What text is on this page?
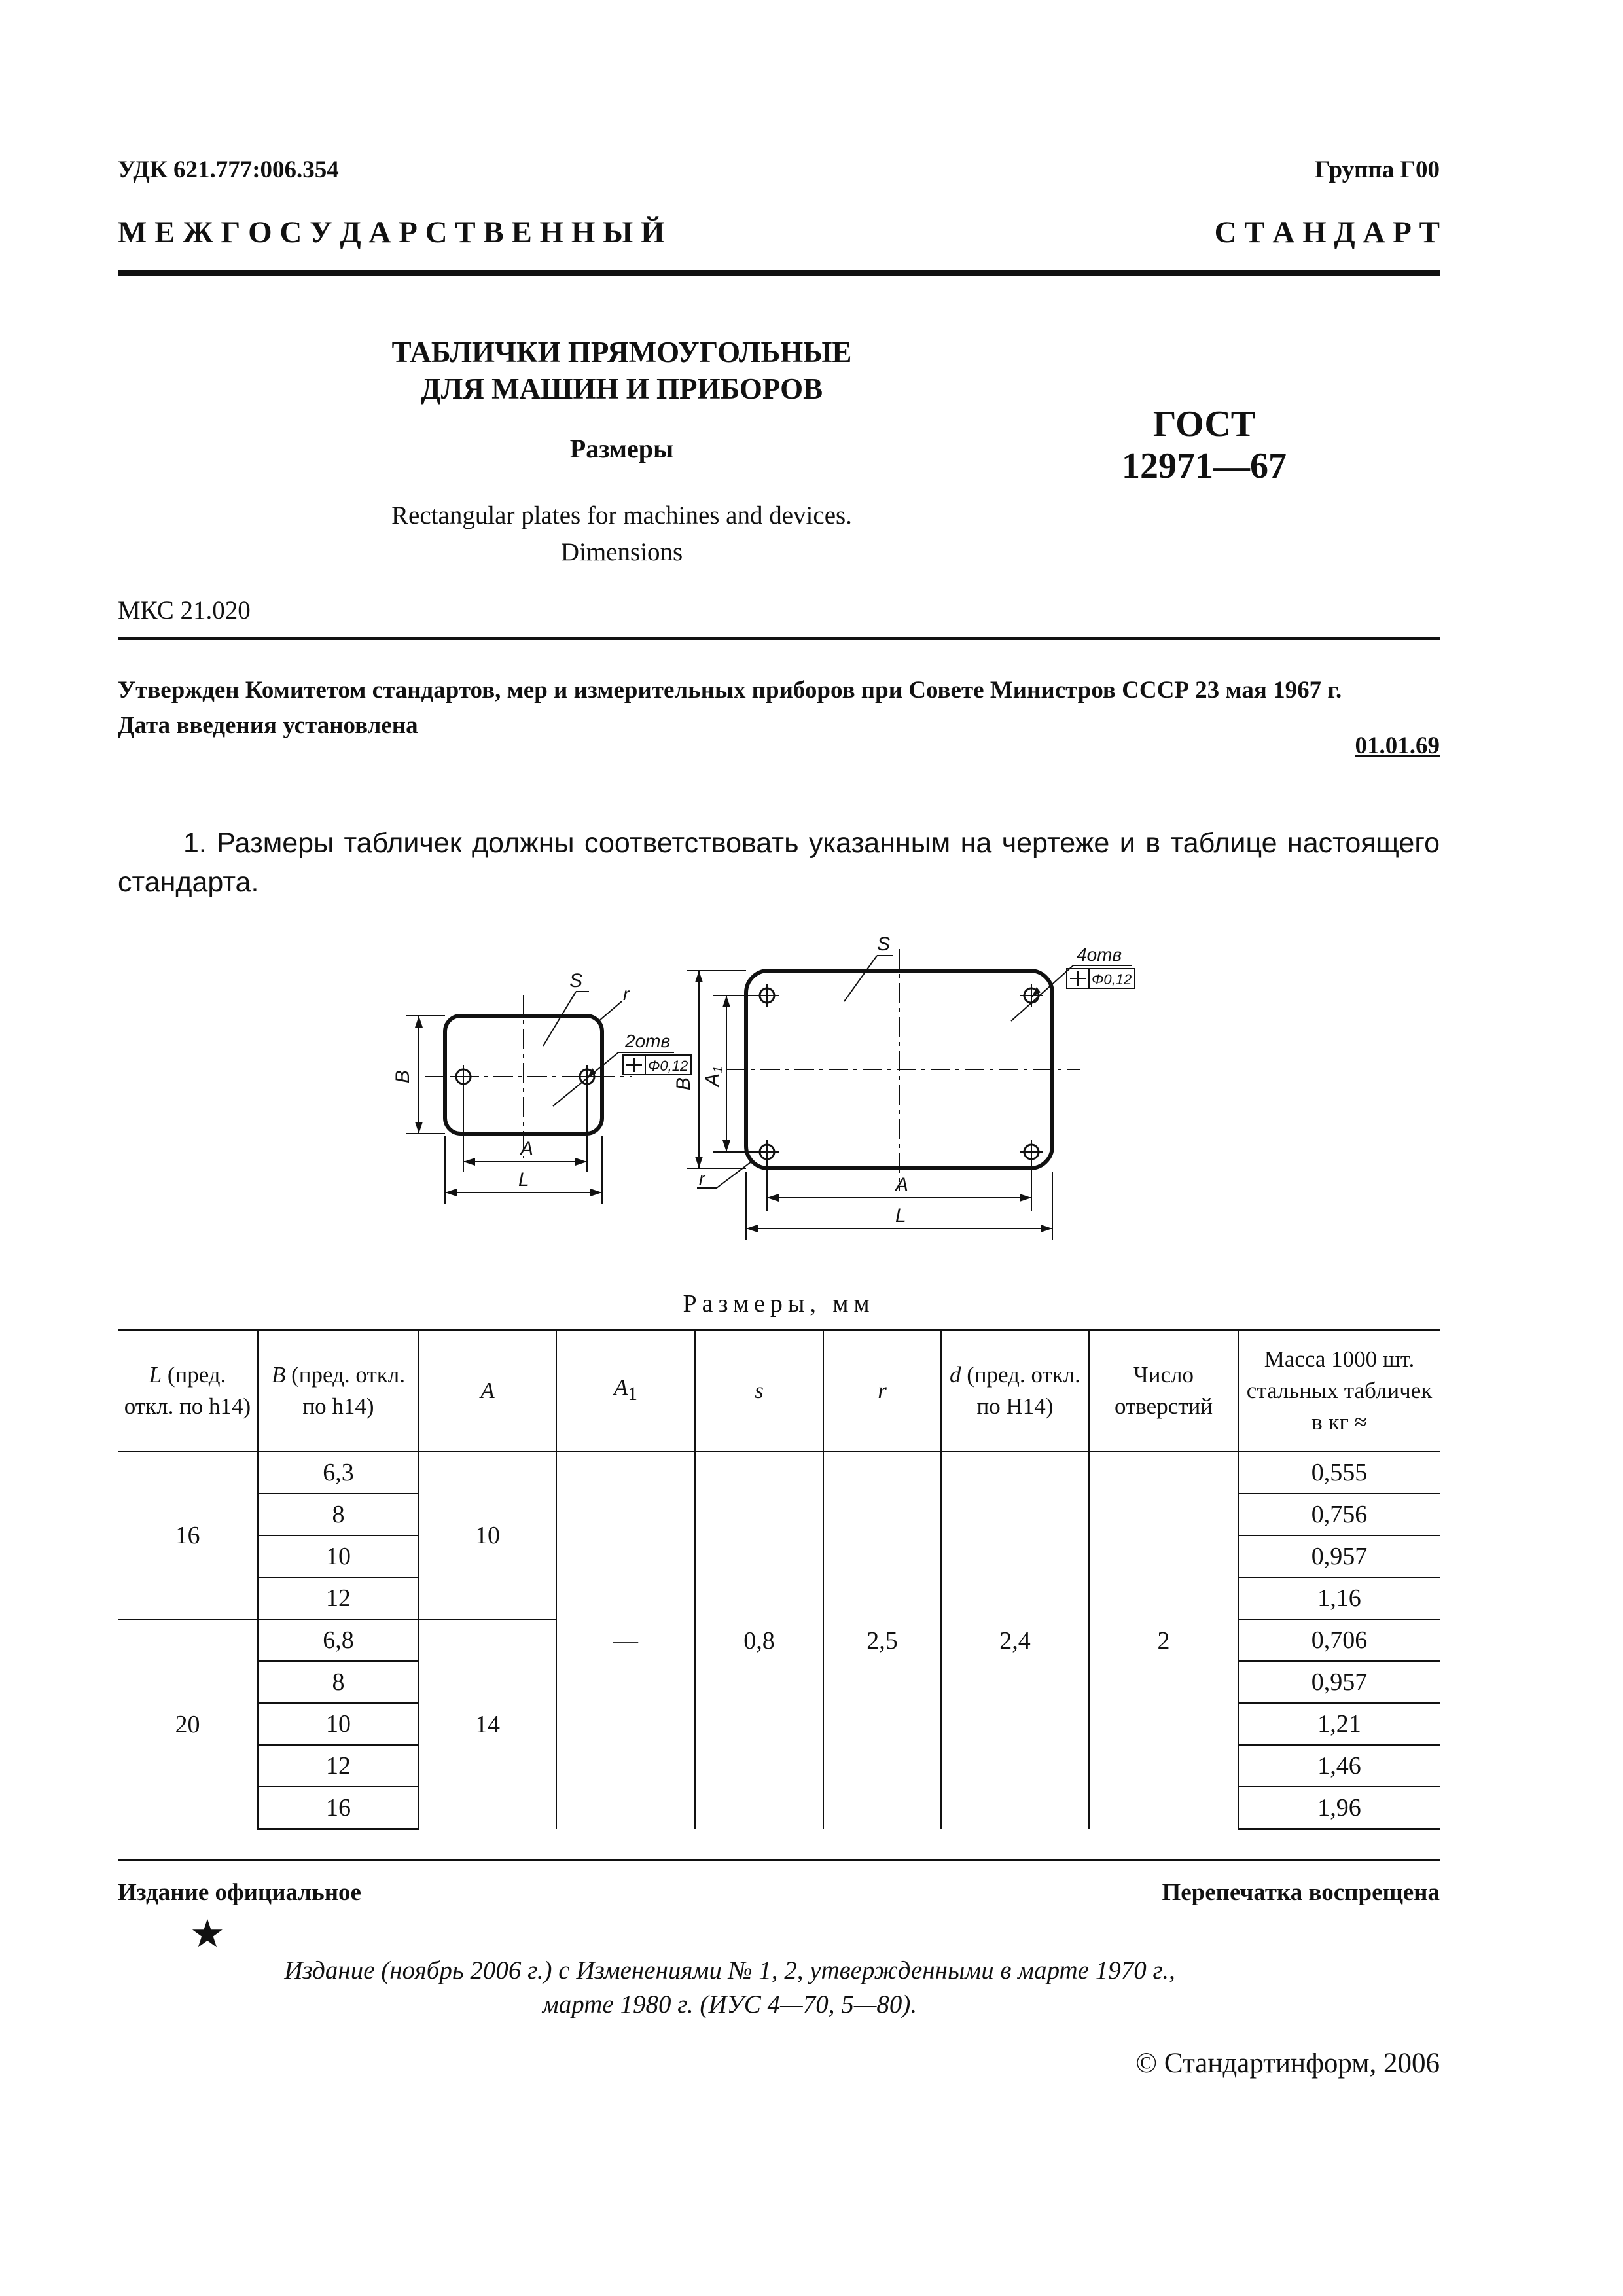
УДК 621.777:006.354	Группа Г00
М Е Ж Г О С У Д А Р С Т В Е Н Н Ы Й	С Т А Н Д А Р Т
ТАБЛИЧКИ ПРЯМОУГОЛЬНЫЕ
ДЛЯ МАШИН И ПРИБОРОВ
Размеры
Rectangular plates for machines and devices.
Dimensions
ГОСТ
12971—67
МКС 21.020
Утвержден Комитетом стандартов, мер и измерительных приборов при Совете Министров СССР 23 мая 1967 г.
Дата введения установлена
01.01.69
1. Размеры табличек должны соответствовать указанным на чертеже и в таблице настоящего стандарта.
B
A
L
S
r
2отв
Φ0,12
B $A_1$
A
L
S
r
4отв
Φ0,12
Размеры, мм
L (пред. откл. по h14)	B (пред. откл. по h14)	A	$A_1$	s	r	d (пред. откл. по H14)	Число отверстий	Масса 1000 шт. стальных табличек в кг ≈
16	6,3	10	—	0,8	2,5	2,4	2	0,555
	8							0,756
	10							0,957
	12							1,16
20	6,8	14						0,706
	8							0,957
	10							1,21
	12							1,46
	16							1,96
Издание официальное	Перепечатка воспрещена
★
Издание (ноябрь 2006 г.) с Изменениями № 1, 2, утвержденными в марте 1970 г.,
марте 1980 г. (ИУС 4—70, 5—80).
© Стандартинформ, 2006
